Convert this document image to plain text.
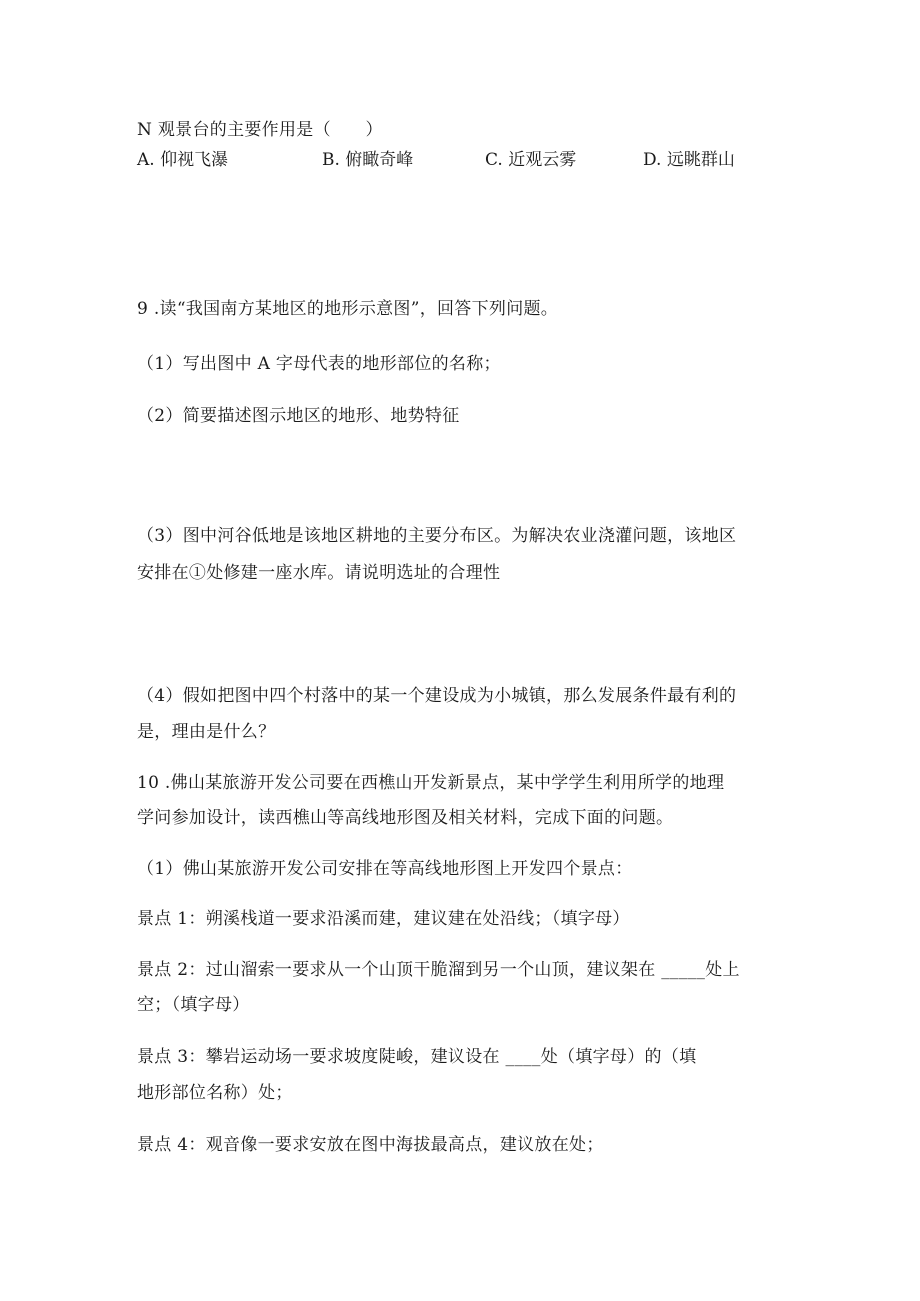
N 观景台的主要作用是（　　）
A. 仰视飞瀑	B. 俯瞰奇峰	C. 近观云雾	D. 远眺群山
9 .读“我国南方某地区的地形示意图”，回答下列问题。
（1）写出图中 A 字母代表的地形部位的名称；
（2）简要描述图示地区的地形、地势特征
（3）图中河谷低地是该地区耕地的主要分布区。为解决农业浇灌问题，该地区
安排在①处修建一座水库。请说明选址的合理性
（4）假如把图中四个村落中的某一个建设成为小城镇，那么发展条件最有利的
是，理由是什么？
10 .佛山某旅游开发公司要在西樵山开发新景点，某中学学生利用所学的地理
学问参加设计，读西樵山等高线地形图及相关材料，完成下面的问题。
（1）佛山某旅游开发公司安排在等高线地形图上开发四个景点：
景点 1：朔溪栈道一要求沿溪而建，建议建在处沿线；（填字母）
景点 2：过山溜索一要求从一个山顶干脆溜到另一个山顶，建议架在 _____处上
空；（填字母）
景点 3：攀岩运动场一要求坡度陡峻，建议设在 ____处（填字母）的（填
地形部位名称）处；
景点 4：观音像一要求安放在图中海拔最高点，建议放在处；
